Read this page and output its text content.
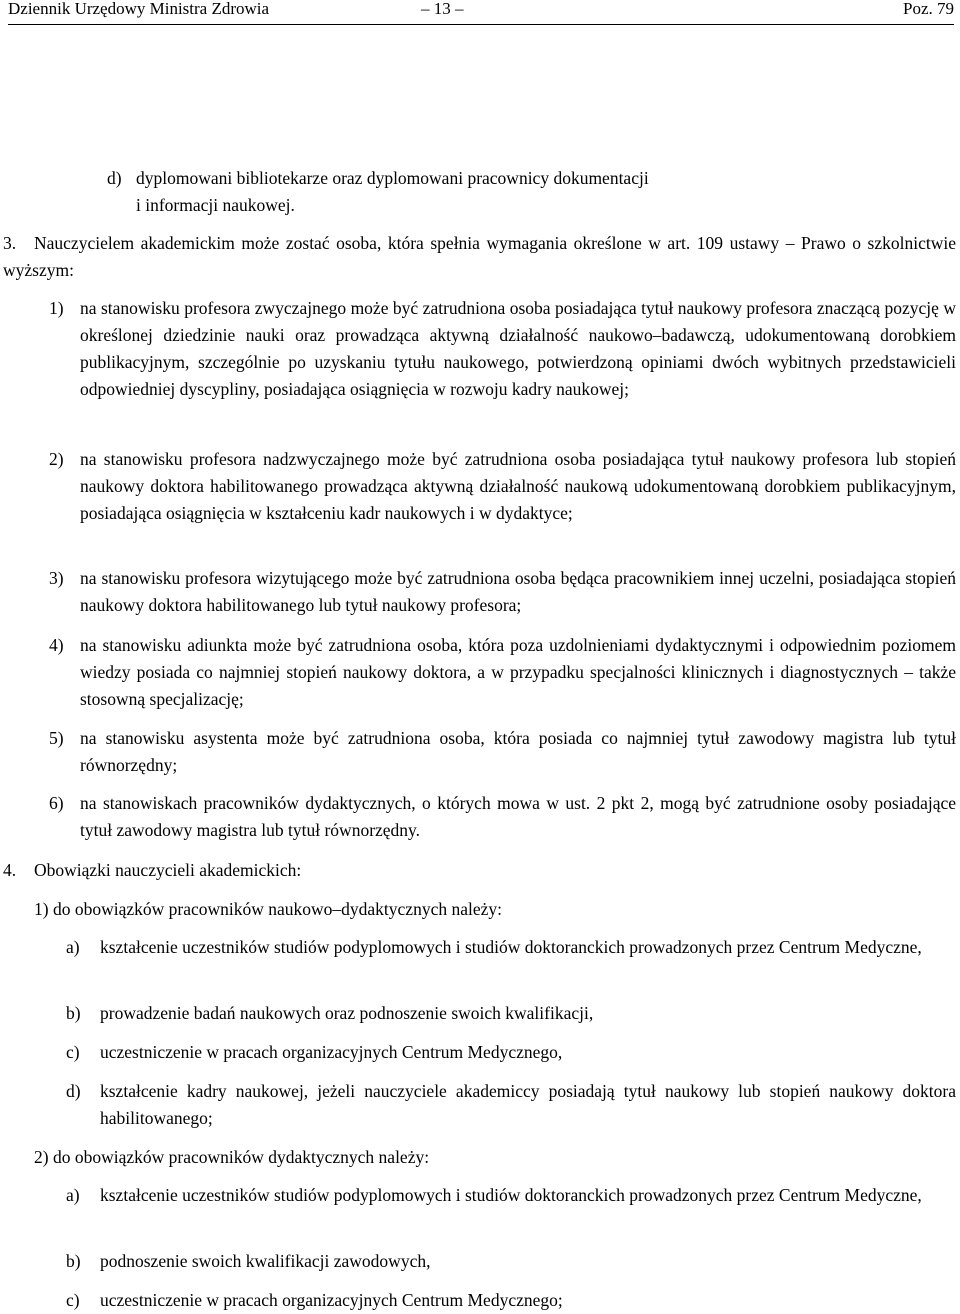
Dziennik Urzędowy Ministra Zdrowia	– 13 –	Poz. 79
d) dyplomowani bibliotekarze oraz dyplomowani pracownicy dokumentacji
i informacji naukowej.
3.	Nauczycielem akademickim może zostać osoba, która spełnia wymagania określone w art. 109 ustawy – Prawo o szkolnictwie wyższym:
1) na stanowisku profesora zwyczajnego może być zatrudniona osoba posiadająca tytuł naukowy profesora znaczącą pozycję w określonej dziedzinie nauki oraz prowadząca aktywną działalność naukowo–badawczą, udokumentowaną dorobkiem publikacyjnym, szczególnie po uzyskaniu tytułu naukowego, potwierdzoną opiniami dwóch wybitnych przedstawicieli odpowiedniej dyscypliny, posiadająca osiągnięcia w rozwoju kadry naukowej;
2) na stanowisku profesora nadzwyczajnego może być zatrudniona osoba posiadająca tytuł naukowy profesora lub stopień naukowy doktora habilitowanego prowadząca aktywną działalność naukową udokumentowaną dorobkiem publikacyjnym, posiadająca osiągnięcia w kształceniu kadr naukowych i w dydaktyce;
3) na stanowisku profesora wizytującego może być zatrudniona osoba będąca pracownikiem innej uczelni, posiadająca stopień naukowy doktora habilitowanego lub tytuł naukowy profesora;
4) na stanowisku adiunkta może być zatrudniona osoba, która poza uzdolnieniami dydaktycznymi i odpowiednim poziomem wiedzy posiada co najmniej stopień naukowy doktora, a w przypadku specjalności klinicznych i diagnostycznych – także stosowną specjalizację;
5) na stanowisku asystenta może być zatrudniona osoba, która posiada co najmniej tytuł zawodowy magistra lub tytuł równorzędny;
6) na stanowiskach pracowników dydaktycznych, o których mowa w ust. 2 pkt 2, mogą być zatrudnione osoby posiadające tytuł zawodowy magistra lub tytuł równorzędny.
4. Obowiązki nauczycieli akademickich:
1) do obowiązków pracowników naukowo–dydaktycznych należy:
a) kształcenie uczestników studiów podyplomowych i studiów doktoranckich prowadzonych przez Centrum Medyczne,
b) prowadzenie badań naukowych oraz podnoszenie swoich kwalifikacji,
c) uczestniczenie w pracach organizacyjnych Centrum Medycznego,
d) kształcenie kadry naukowej, jeżeli nauczyciele akademiccy posiadają tytuł naukowy lub stopień naukowy doktora habilitowanego;
2) do obowiązków pracowników dydaktycznych należy:
a) kształcenie uczestników studiów podyplomowych i studiów doktoranckich prowadzonych przez Centrum Medyczne,
b) podnoszenie swoich kwalifikacji zawodowych,
c) uczestniczenie w pracach organizacyjnych Centrum Medycznego;
